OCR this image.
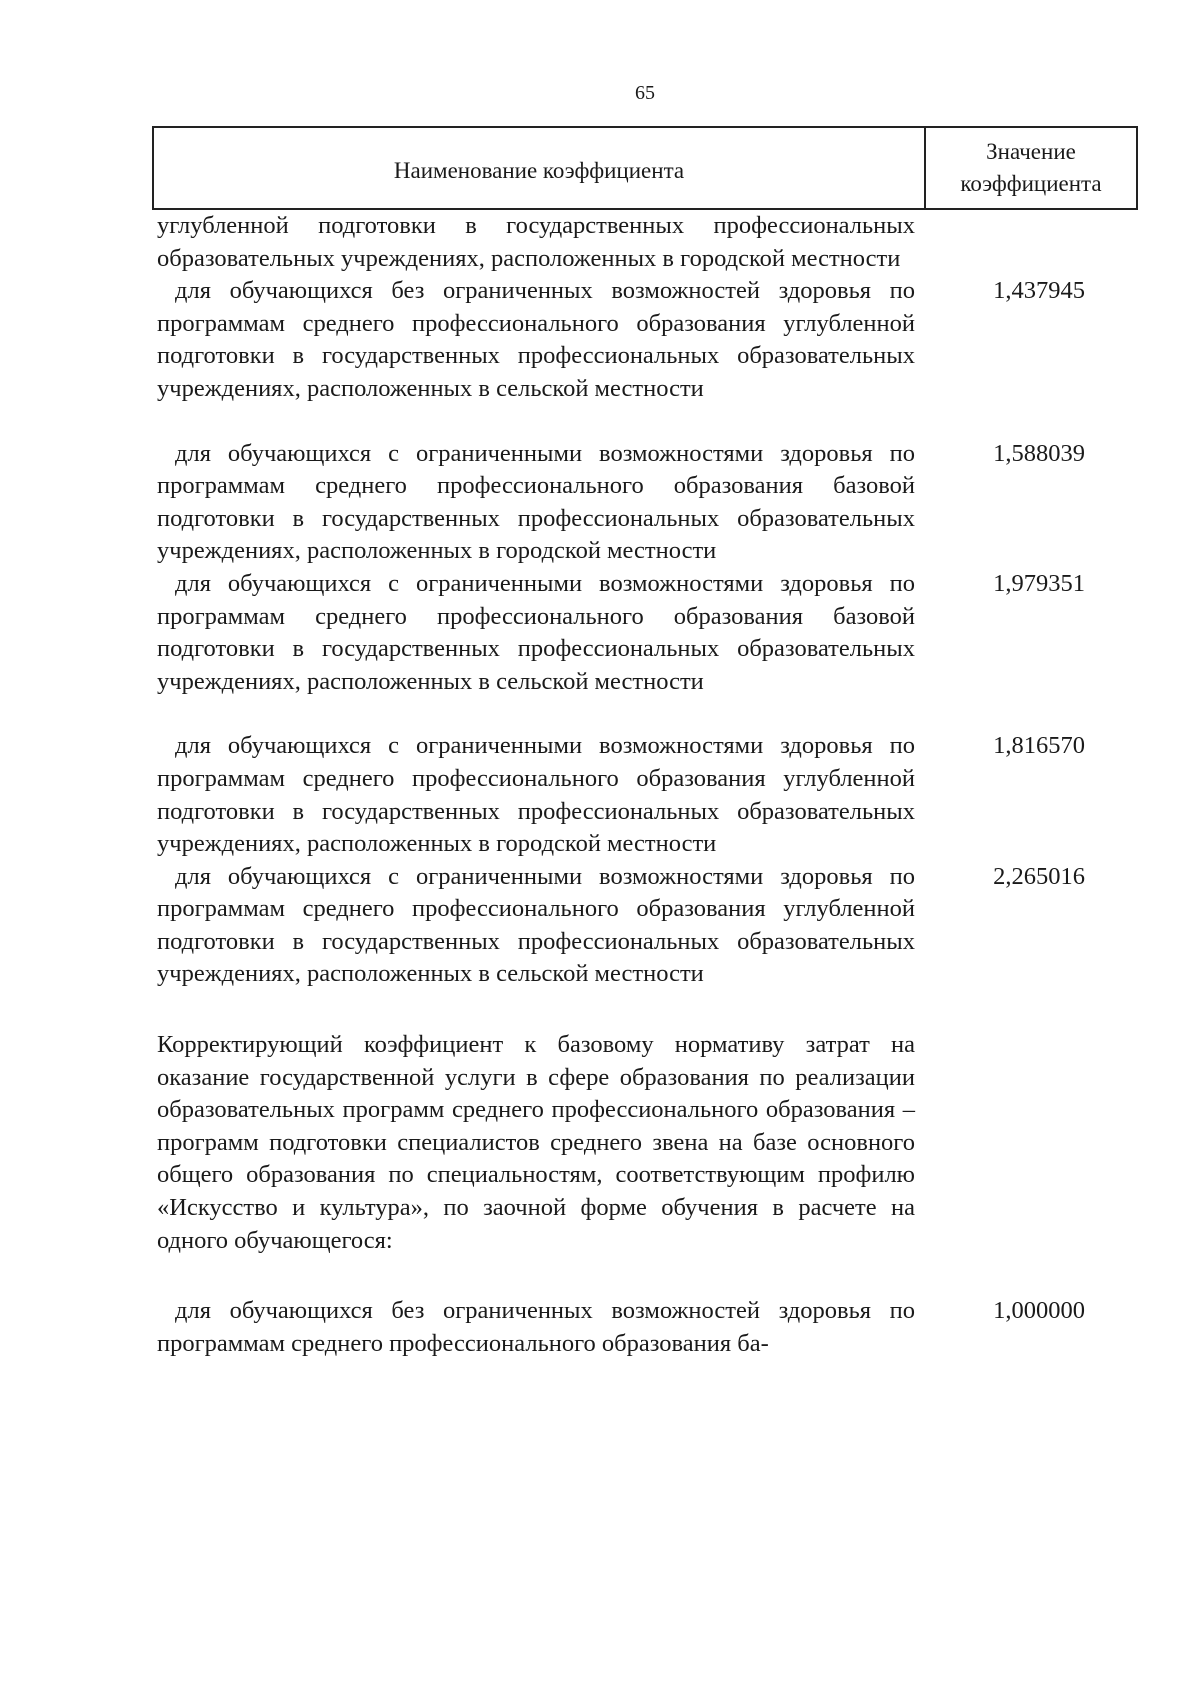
65
Наименование коэффициента
Значение
коэффициента
углубленной подготовки в государственных профессиональных образовательных учреждениях, расположенных в городской местности
для обучающихся без ограниченных возможностей здоровья по программам среднего профессионального образования углубленной подготовки в государственных профессиональных образовательных учреждениях, расположенных в сельской местности
1,437945
для обучающихся с ограниченными возможностями здоровья по программам среднего профессионального образования базовой подготовки в государственных профессиональных образовательных учреждениях, расположенных в городской местности
1,588039
для обучающихся с ограниченными возможностями здоровья по программам среднего профессионального образования базовой подготовки в государственных профессиональных образовательных учреждениях, расположенных в сельской местности
1,979351
для обучающихся с ограниченными возможностями здоровья по программам среднего профессионального образования углубленной подготовки в государственных профессиональных образовательных учреждениях, расположенных в городской местности
1,816570
для обучающихся с ограниченными возможностями здоровья по программам среднего профессионального образования углубленной подготовки в государственных профессиональных образовательных учреждениях, расположенных в сельской местности
2,265016
Корректирующий коэффициент к базовому нормативу затрат на оказание государственной услуги в сфере образования по реализации образовательных программ среднего профессионального образования – программ подготовки специалистов среднего звена на базе основного общего образования по специальностям, соответствующим профилю «Искусство и культура», по заочной форме обучения в расчете на одного обучающегося:
для обучающихся без ограниченных возможностей здоровья по программам среднего профессионального образования ба-
1,000000
